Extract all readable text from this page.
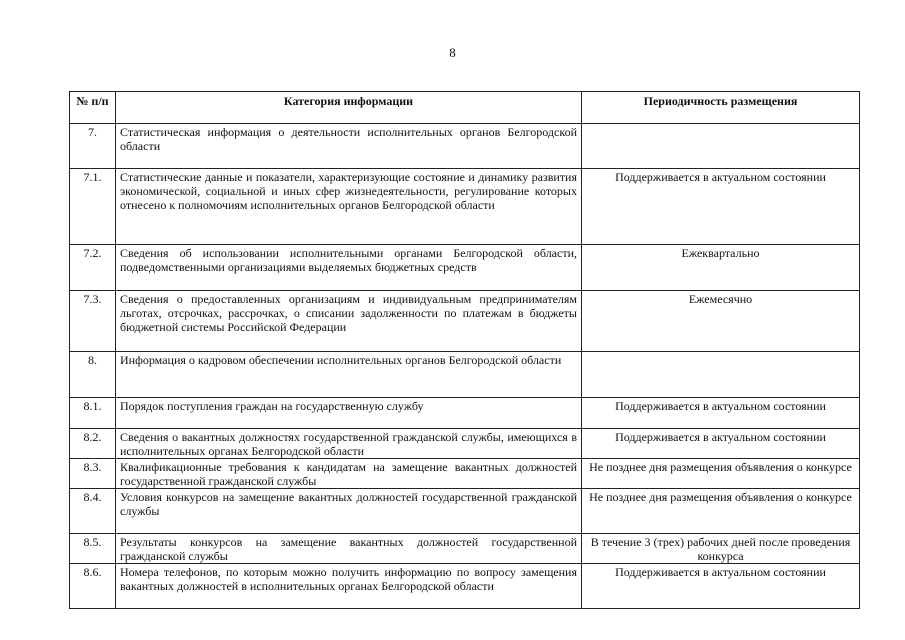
8
№ п/п	Категория информации	Периодичность размещения
7.	Статистическая информация о деятельности исполнительных органов Белгородской области	
7.1.	Статистические данные и показатели, характеризующие состояние и динамику развития экономической, социальной и иных сфер жизнедеятельности, регулирование которых отнесено к полномочиям исполнительных органов Белгородской области	Поддерживается в актуальном состоянии
7.2.	Сведения об использовании исполнительными органами Белгородской области, подведомственными организациями выделяемых бюджетных средств	Ежеквартально
7.3.	Сведения о предоставленных организациям и индивидуальным предпринимателям льготах, отсрочках, рассрочках, о списании задолженности по платежам в бюджеты бюджетной системы Российской Федерации	Ежемесячно
8.	Информация о кадровом обеспечении исполнительных органов Белгородской области	
8.1.	Порядок поступления граждан на государственную службу	Поддерживается в актуальном состоянии
8.2.	Сведения о вакантных должностях государственной гражданской службы, имеющихся в исполнительных органах Белгородской области	Поддерживается в актуальном состоянии
8.3.	Квалификационные требования к кандидатам на замещение вакантных должностей государственной гражданской службы	Не позднее дня размещения объявления о конкурсе
8.4.	Условия конкурсов на замещение вакантных должностей государственной гражданской службы	Не позднее дня размещения объявления о конкурсе
8.5.	Результаты конкурсов на замещение вакантных должностей государственной гражданской службы	В течение 3 (трех) рабочих дней после проведения конкурса
8.6.	Номера телефонов, по которым можно получить информацию по вопросу замещения вакантных должностей в исполнительных органах Белгородской области	Поддерживается в актуальном состоянии
